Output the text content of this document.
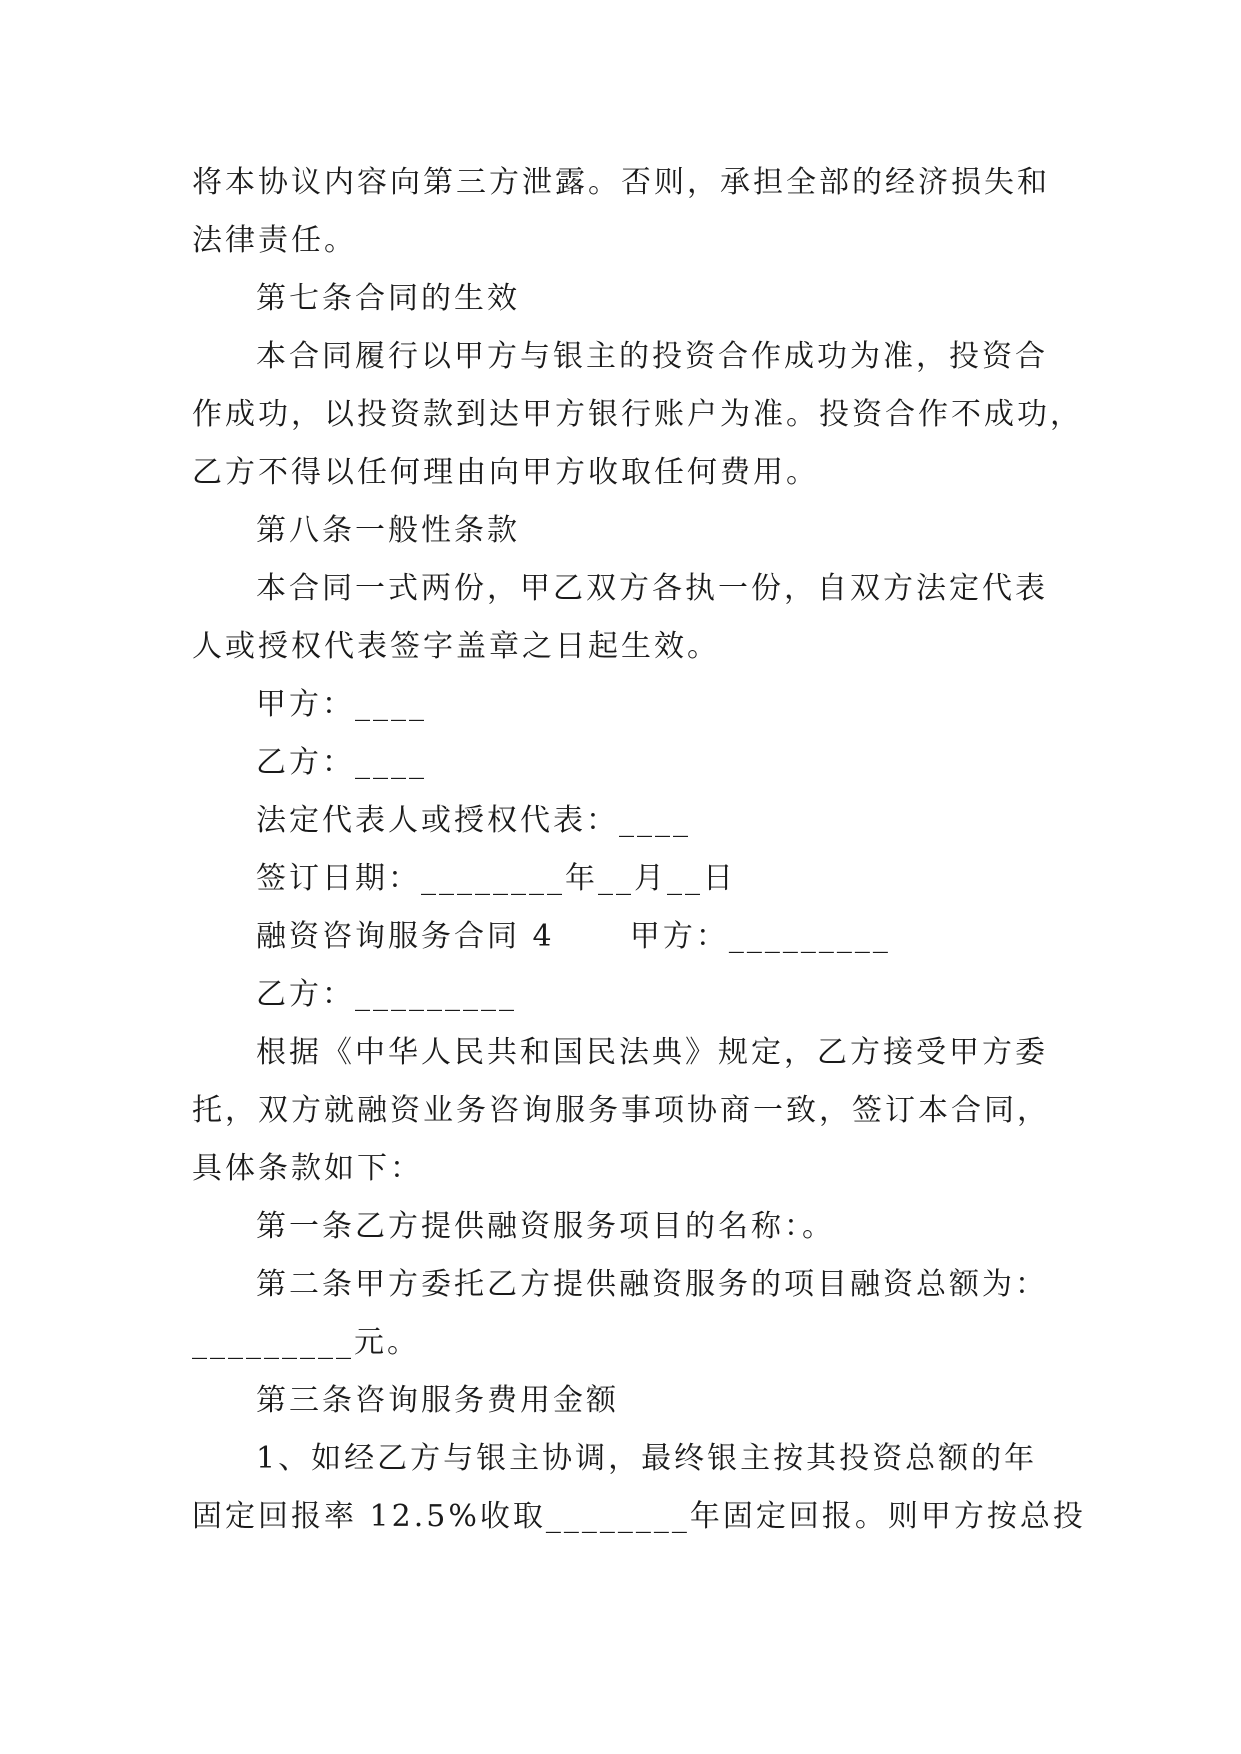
将本协议内容向第三方泄露。否则，承担全部的经济损失和
法律责任。
第七条合同的生效
本合同履行以甲方与银主的投资合作成功为准，投资合
作成功，以投资款到达甲方银行账户为准。投资合作不成功，
乙方不得以任何理由向甲方收取任何费用。
第八条一般性条款
本合同一式两份，甲乙双方各执一份，自双方法定代表
人或授权代表签字盖章之日起生效。
甲方：____
乙方：____
法定代表人或授权代表：____
签订日期：________年__月__日
融资咨询服务合同 4      甲方：_________
乙方：_________
根据《中华人民共和国民法典》规定，乙方接受甲方委
托，双方就融资业务咨询服务事项协商一致，签订本合同，
具体条款如下：
第一条乙方提供融资服务项目的名称：。
第二条甲方委托乙方提供融资服务的项目融资总额为：
_________元。
第三条咨询服务费用金额
1、如经乙方与银主协调，最终银主按其投资总额的年
固定回报率 12.5%收取________年固定回报。则甲方按总投
